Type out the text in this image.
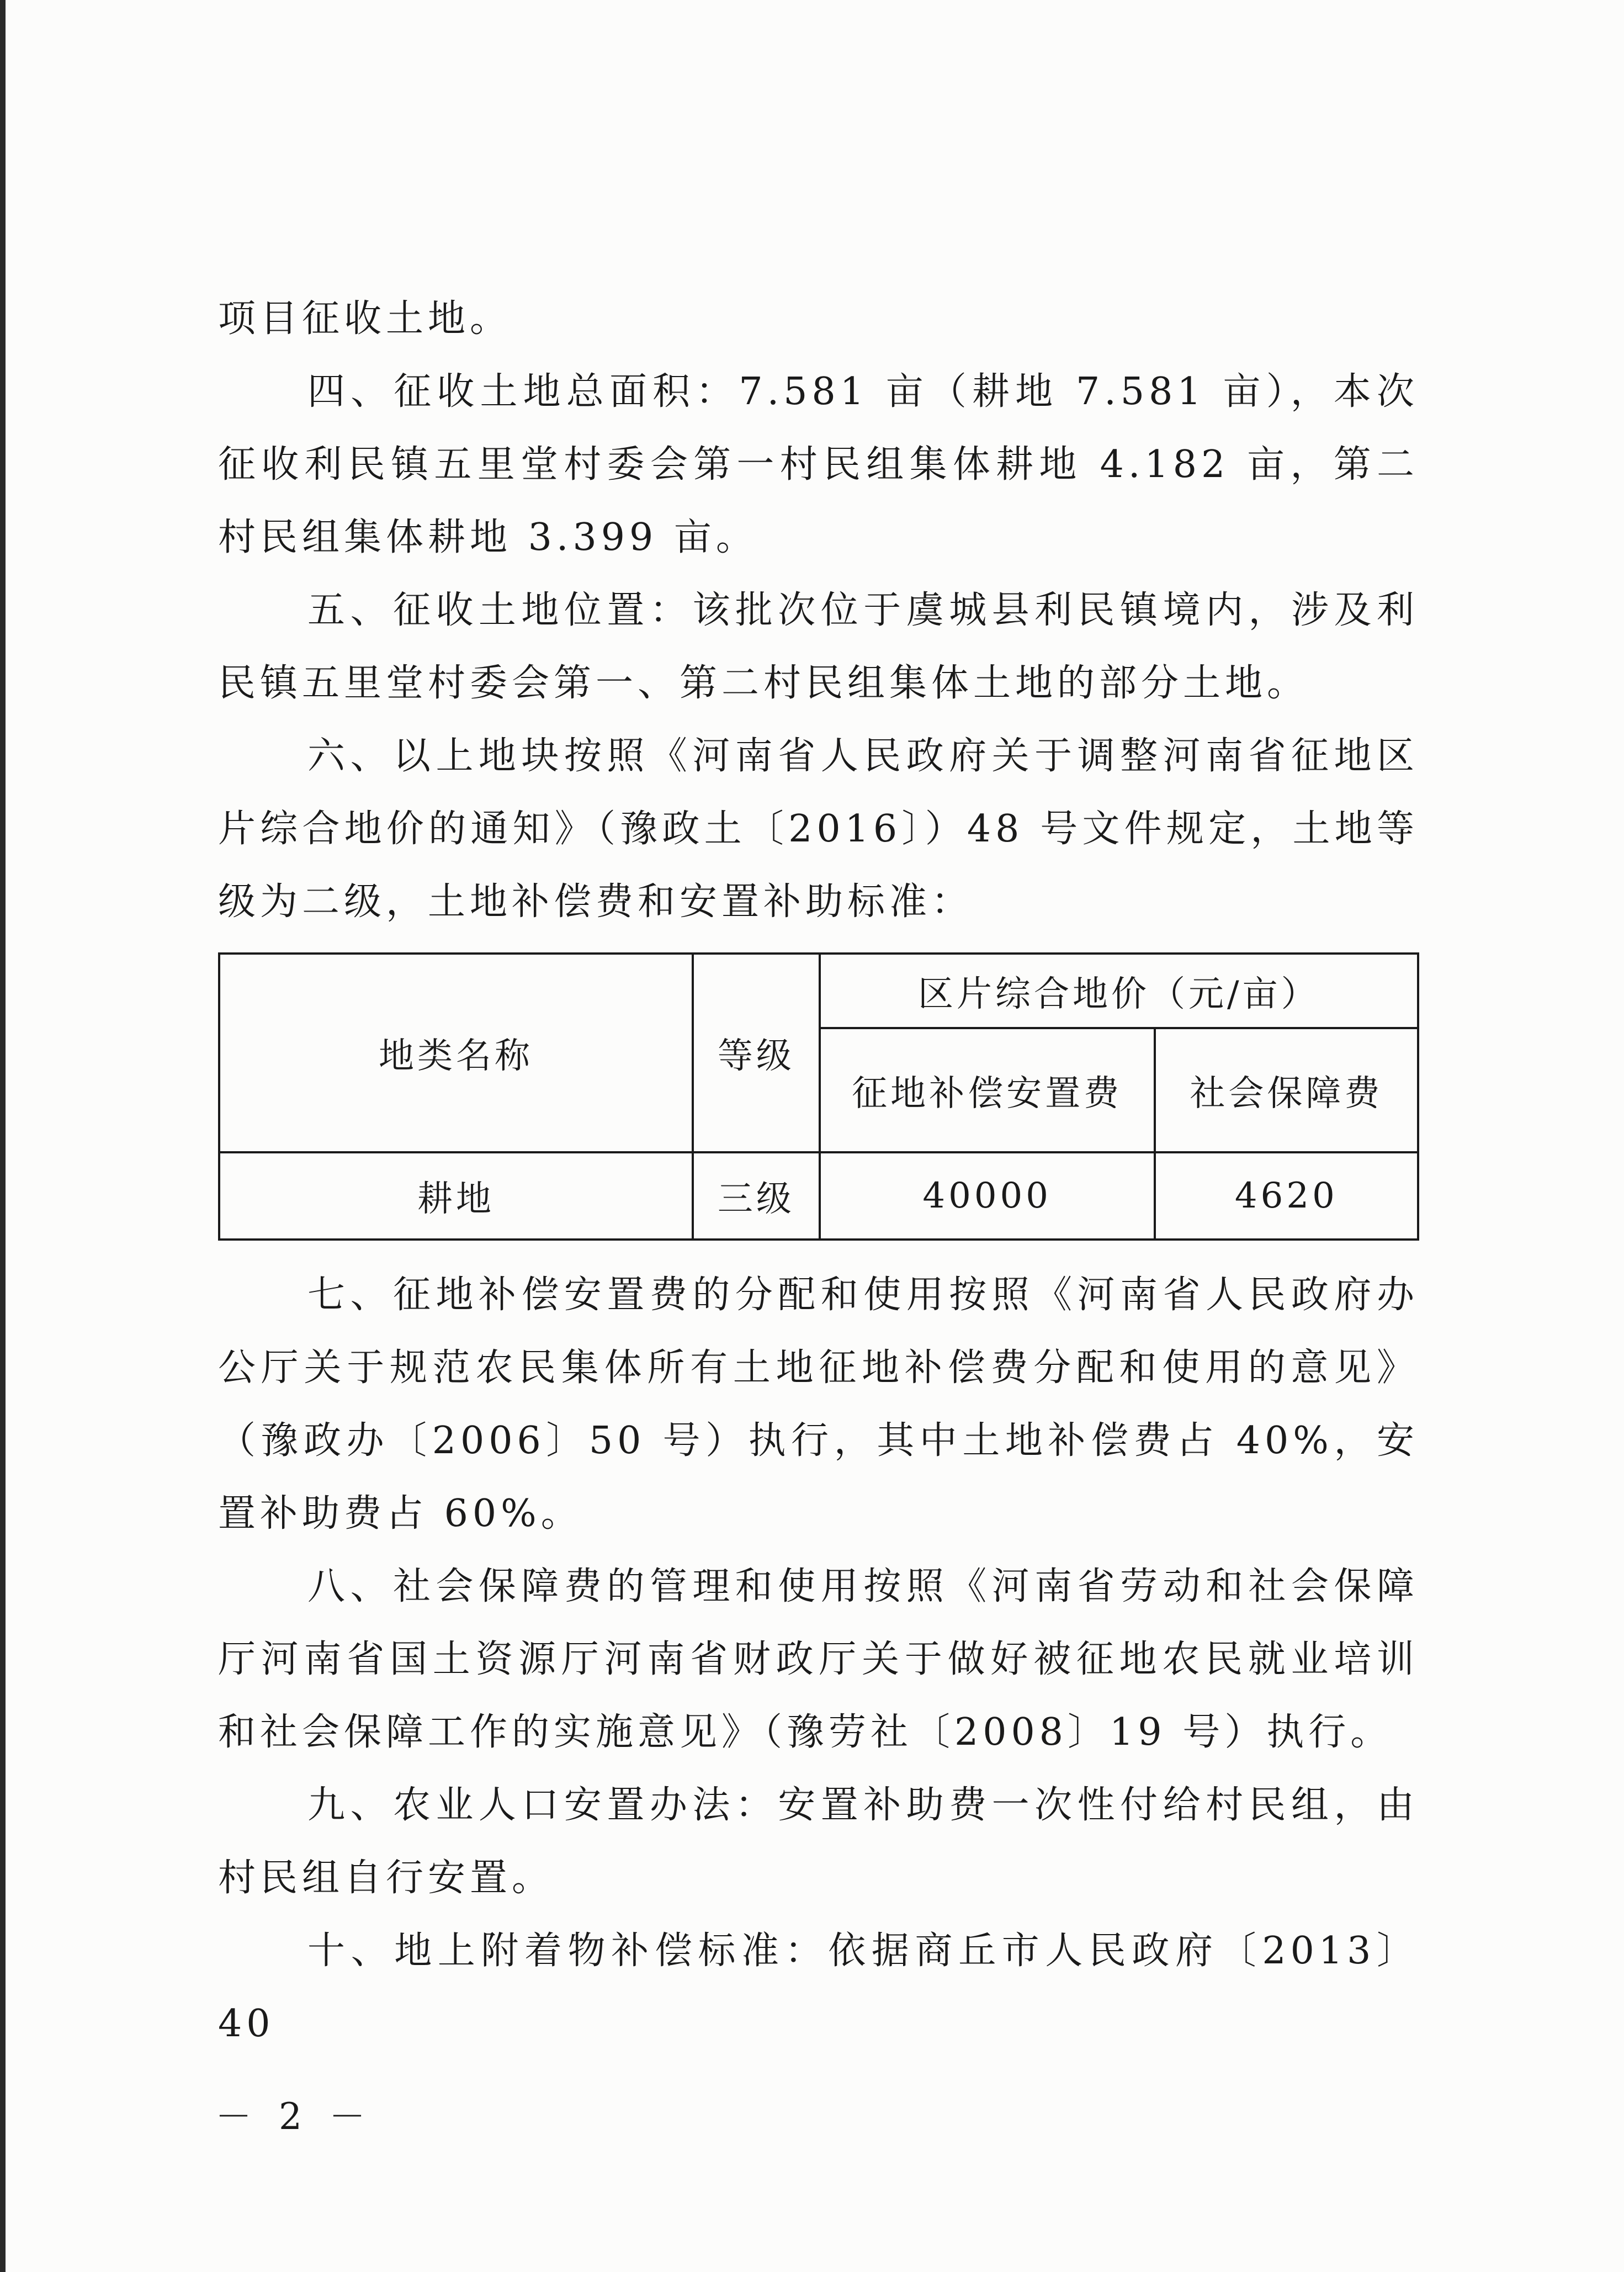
项目征收土地。

四、征收土地总面积：7.581 亩（耕地 7.581 亩），本次征收利民镇五里堂村委会第一村民组集体耕地 4.182 亩，第二村民组集体耕地 3.399 亩。

五、征收土地位置：该批次位于虞城县利民镇境内，涉及利民镇五里堂村委会第一、第二村民组集体土地的部分土地。

六、以上地块按照《河南省人民政府关于调整河南省征地区片综合地价的通知》（豫政土〔2016〕）48 号文件规定，土地等级为二级，土地补偿费和安置补助标准：

地类名称	等级	区片综合地价（元/亩）	
		征地补偿安置费	社会保障费
耕地	三级	40000	4620

七、征地补偿安置费的分配和使用按照《河南省人民政府办公厅关于规范农民集体所有土地征地补偿费分配和使用的意见》（豫政办〔2006〕50 号）执行，其中土地补偿费占 40%，安置补助费占 60%。

八、社会保障费的管理和使用按照《河南省劳动和社会保障厅河南省国土资源厅河南省财政厅关于做好被征地农民就业培训和社会保障工作的实施意见》（豫劳社〔2008〕19 号）执行。

九、农业人口安置办法：安置补助费一次性付给村民组，由村民组自行安置。

十、地上附着物补偿标准：依据商丘市人民政府〔2013〕40

－ 2 －
